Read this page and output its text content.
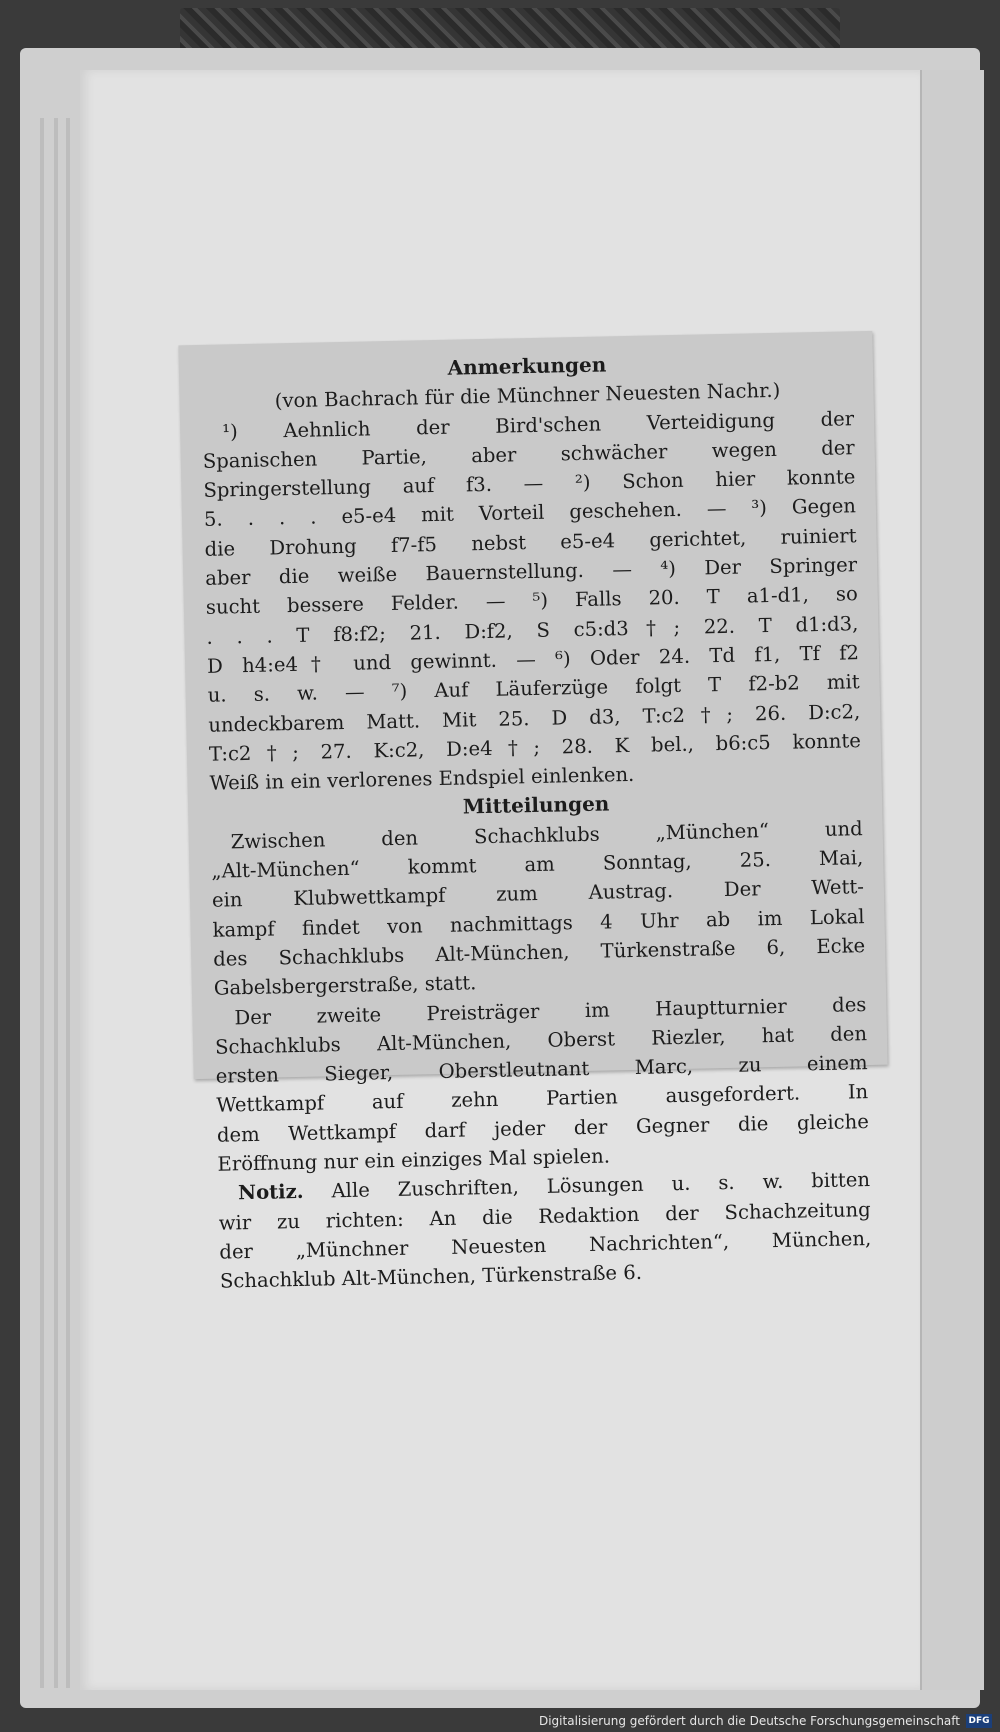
Anmerkungen
(von Bachrach für die Münchner Neuesten Nachr.)
¹) Aehnlich der Bird'schen Verteidigung der
Spanischen Partie, aber schwächer wegen der
Springerstellung auf f3. — ²) Schon hier konnte
5. . . . e5-e4 mit Vorteil geschehen. — ³) Gegen
die Drohung f7-f5 nebst e5-e4 gerichtet, ruiniert
aber die weiße Bauernstellung. — ⁴) Der Springer
sucht bessere Felder. — ⁵) Falls 20. T a1-d1, so
. . . T f8:f2; 21. D:f2, S c5:d3†; 22. T d1:d3,
D h4:e4† und gewinnt. — ⁶) Oder 24. Td f1, Tf f2
u. s. w. — ⁷) Auf Läuferzüge folgt T f2-b2 mit
undeckbarem Matt. Mit 25. D d3, T:c2†; 26. D:c2,
T:c2†; 27. K:c2, D:e4†; 28. K bel., b6:c5 konnte
Weiß in ein verlorenes Endspiel einlenken.
Mitteilungen
Zwischen den Schachklubs „München“ und
„Alt-München“ kommt am Sonntag, 25. Mai,
ein Klubwettkampf zum Austrag. Der Wett-
kampf findet von nachmittags 4 Uhr ab im Lokal
des Schachklubs Alt-München, Türkenstraße 6, Ecke
Gabelsbergerstraße, statt.
Der zweite Preisträger im Hauptturnier des
Schachklubs Alt-München, Oberst Riezler, hat den
ersten Sieger, Oberstleutnant Marc, zu einem
Wettkampf auf zehn Partien ausgefordert. In
dem Wettkampf darf jeder der Gegner die gleiche
Eröffnung nur ein einziges Mal spielen.
Notiz. Alle Zuschriften, Lösungen u. s. w. bitten
wir zu richten: An die Redaktion der Schachzeitung
der „Münchner Neuesten Nachrichten“, München,
Schachklub Alt-München, Türkenstraße 6.
Digitalisierung gefördert durch die Deutsche Forschungsgemeinschaft DFG
